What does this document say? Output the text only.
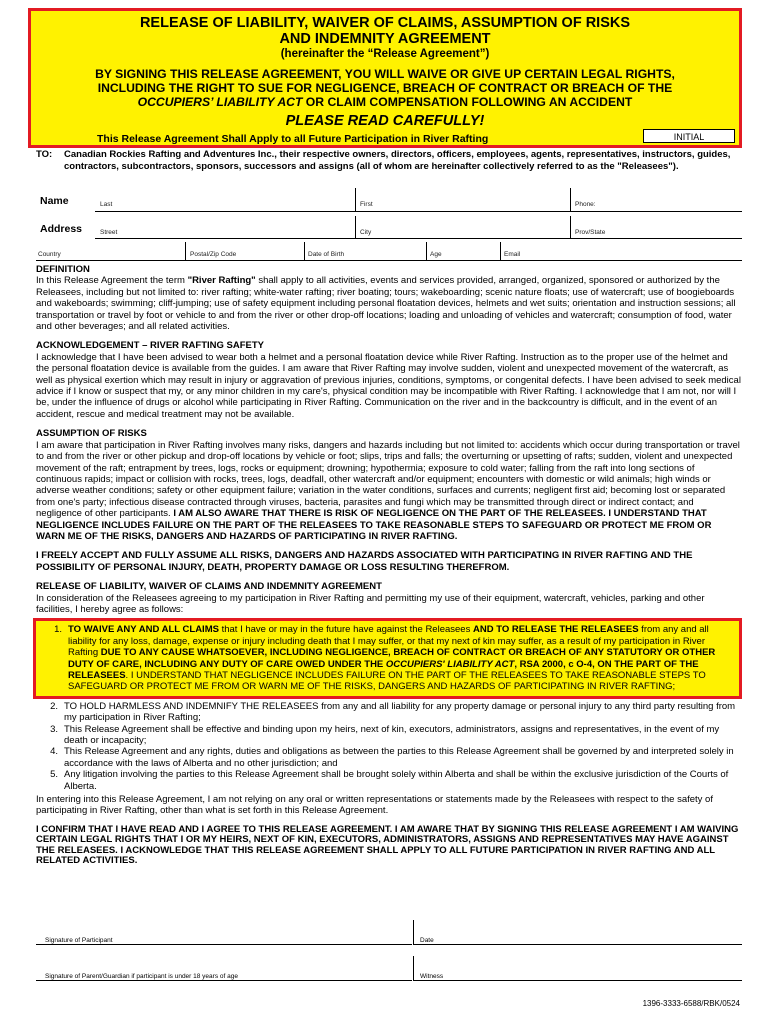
RELEASE OF LIABILITY, WAIVER OF CLAIMS, ASSUMPTION OF RISKS
AND INDEMNITY AGREEMENT
(hereinafter the “Release Agreement”)
BY SIGNING THIS RELEASE AGREEMENT, YOU WILL WAIVE OR GIVE UP CERTAIN LEGAL RIGHTS,
INCLUDING THE RIGHT TO SUE FOR NEGLIGENCE, BREACH OF CONTRACT OR BREACH OF THE
OCCUPIERS’ LIABILITY ACT OR CLAIM COMPENSATION FOLLOWING AN ACCIDENT
PLEASE READ CAREFULLY!
This Release Agreement Shall Apply to all Future Participation in River Rafting	INITIAL
TO: Canadian Rockies Rafting and Adventures Inc., their respective owners, directors, officers, employees, agents, representatives, instructors, guides, contractors, subcontractors, sponsors, successors and assigns (all of whom are hereinafter collectively referred to as the "Releasees").
Name	Last	First	Phone:
Address	Street	City	Prov/State
Country	Postal/Zip Code	Date of Birth	Age	Email
DEFINITION

In this Release Agreement the term "River Rafting" shall apply to all activities, events and services provided, arranged, organized, sponsored or authorized by the Releasees, including but not limited to: river rafting; white-water rafting; river boating; tours; wakeboarding; scenic nature floats; use of watercraft; use of boogieboards and wakeboards; swimming; cliff-jumping; use of safety equipment including personal floatation devices, helmets and wet suits; orientation and instruction sessions; all transportation or travel by foot or vehicle to and from the river or other drop-off locations; loading and unloading of vehicles and watercraft; consumption of food, water and other beverages; and all related activities.

ACKNOWLEDGEMENT – RIVER RAFTING SAFETY

I acknowledge that I have been advised to wear both a helmet and a personal floatation device while River Rafting. Instruction as to the proper use of the helmet and the personal floatation device is available from the guides. I am aware that River Rafting may involve sudden, violent and unexpected movement of the watercraft, as well as physical exertion which may result in injury or aggravation of previous injuries, conditions, symptoms, or congenital defects. I have been advised to seek medical advice if I know or suspect that my, or any minor children in my care's, physical condition may be incompatible with River Rafting. I acknowledge that I am not, nor will I be, under the influence of drugs or alcohol while participating in River Rafting. Communication on the river and in the backcountry is difficult, and in the event of an accident, rescue and medical treatment may not be available.

ASSUMPTION OF RISKS

I am aware that participation in River Rafting involves many risks, dangers and hazards including but not limited to: accidents which occur during transportation or travel to and from the river or other pickup and drop-off locations by vehicle or foot; slips, trips and falls; the overturning or upsetting of rafts; sudden, violent and unexpected movement of the raft; entrapment by trees, logs, rocks or equipment; drowning; hypothermia; exposure to cold water; falling from the raft into long sections of continuous rapids; impact or collision with rocks, trees, logs, deadfall, other watercraft and/or equipment; encounters with domestic or wild animals; high winds or adverse weather conditions; safety or other equipment failure; variation in the water conditions, surfaces and currents; negligent first aid; becoming lost or separated from one's party; infectious disease contracted through viruses, bacteria, parasites and fungi which may be transmitted through direct or indirect contact; and negligence of other participants. I AM ALSO AWARE THAT THERE IS RISK OF NEGLIGENCE ON THE PART OF THE RELEASEES. I UNDERSTAND THAT NEGLIGENCE INCLUDES FAILURE ON THE PART OF THE RELEASEES TO TAKE REASONABLE STEPS TO SAFEGUARD OR PROTECT ME FROM OR WARN ME OF THE RISKS, DANGERS AND HAZARDS OF PARTICIPATING IN RIVER RAFTING.

I FREELY ACCEPT AND FULLY ASSUME ALL RISKS, DANGERS AND HAZARDS ASSOCIATED WITH PARTICIPATING IN RIVER RAFTING AND THE POSSIBILITY OF PERSONAL INJURY, DEATH, PROPERTY DAMAGE OR LOSS RESULTING THEREFROM.

RELEASE OF LIABILITY, WAIVER OF CLAIMS AND INDEMNITY AGREEMENT

In consideration of the Releasees agreeing to my participation in River Rafting and permitting my use of their equipment, watercraft, vehicles, parking and other facilities, I hereby agree as follows:

1. TO WAIVE ANY AND ALL CLAIMS that I have or may in the future have against the Releasees AND TO RELEASE THE RELEASEES from any and all liability for any loss, damage, expense or injury including death that I may suffer, or that my next of kin may suffer, as a result of my participation in River Rafting DUE TO ANY CAUSE WHATSOEVER, INCLUDING NEGLIGENCE, BREACH OF CONTRACT OR BREACH OF ANY STATUTORY OR OTHER DUTY OF CARE, INCLUDING ANY DUTY OF CARE OWED UNDER THE OCCUPIERS' LIABILITY ACT, RSA 2000, c O-4, ON THE PART OF THE RELEASEES. I UNDERSTAND THAT NEGLIGENCE INCLUDES FAILURE ON THE PART OF THE RELEASEES TO TAKE REASONABLE STEPS TO SAFEGUARD OR PROTECT ME FROM OR WARN ME OF THE RISKS, DANGERS AND HAZARDS OF PARTICIPATING IN RIVER RAFTING;
2. TO HOLD HARMLESS AND INDEMNIFY THE RELEASEES from any and all liability for any property damage or personal injury to any third party resulting from my participation in River Rafting;
3. This Release Agreement shall be effective and binding upon my heirs, next of kin, executors, administrators, assigns and representatives, in the event of my death or incapacity;
4. This Release Agreement and any rights, duties and obligations as between the parties to this Release Agreement shall be governed by and interpreted solely in accordance with the laws of Alberta and no other jurisdiction; and
5. Any litigation involving the parties to this Release Agreement shall be brought solely within Alberta and shall be within the exclusive jurisdiction of the Courts of Alberta.

In entering into this Release Agreement, I am not relying on any oral or written representations or statements made by the Releasees with respect to the safety of participating in River Rafting, other than what is set forth in this Release Agreement.

I CONFIRM THAT I HAVE READ AND I AGREE TO THIS RELEASE AGREEMENT. I AM AWARE THAT BY SIGNING THIS RELEASE AGREEMENT I AM WAIVING CERTAIN LEGAL RIGHTS THAT I OR MY HEIRS, NEXT OF KIN, EXECUTORS, ADMINISTRATORS, ASSIGNS AND REPRESENTATIVES MAY HAVE AGAINST THE RELEASEES. I ACKNOWLEDGE THAT THIS RELEASE AGREEMENT SHALL APPLY TO ALL FUTURE PARTICIPATION IN RIVER RAFTING AND ALL RELATED ACTIVITIES.

Signature of Participant	Date
Signature of Parent/Guardian if participant is under 18 years of age	Witness
1396-3333-6588/RBK/0524
